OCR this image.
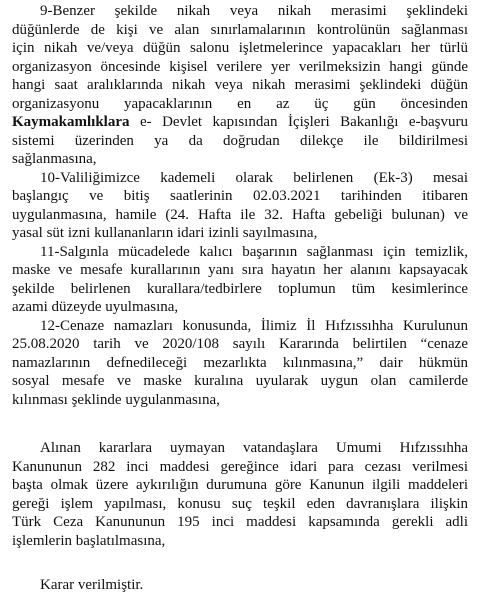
9-Benzer şekilde nikah veya nikah merasimi şeklindeki
düğünlerde de kişi ve alan sınırlamalarının kontrolünün sağlanması
için nikah ve/veya düğün salonu işletmelerince yapacakları her türlü
organizasyon öncesinde kişisel verilere yer verilmeksizin hangi günde
hangi saat aralıklarında nikah veya nikah merasimi şeklindeki düğün
organizasyonu yapacaklarının en az üç gün öncesinden
Kaymakamlıklara e- Devlet kapısından İçişleri Bakanlığı e-başvuru
sistemi üzerinden ya da doğrudan dilekçe ile bildirilmesi
sağlanmasına,
10-Valiliğimizce kademeli olarak belirlenen (Ek-3) mesai
başlangıç ve bitiş saatlerinin 02.03.2021 tarihinden itibaren
uygulanmasına, hamile (24. Hafta ile 32. Hafta gebeliği bulunan) ve
yasal süt izni kullananların idari izinli sayılmasına,
11-Salgınla mücadelede kalıcı başarının sağlanması için temizlik,
maske ve mesafe kurallarının yanı sıra hayatın her alanını kapsayacak
şekilde belirlenen kurallara/tedbirlere toplumun tüm kesimlerince
azami düzeyde uyulmasına,
12-Cenaze namazları konusunda, İlimiz İl Hıfzıssıhha Kurulunun
25.08.2020 tarih ve 2020/108 sayılı Kararında belirtilen “cenaze
namazlarının defnedileceği mezarlıkta kılınmasına,” dair hükmün
sosyal mesafe ve maske kuralına uyularak uygun olan camilerde
kılınması şeklinde uygulanmasına,
Alınan kararlara uymayan vatandaşlara Umumi Hıfzıssıhha
Kanununun 282 inci maddesi gereğince idari para cezası verilmesi
başta olmak üzere aykırılığın durumuna göre Kanunun ilgili maddeleri
gereği işlem yapılması, konusu suç teşkil eden davranışlara ilişkin
Türk Ceza Kanununun 195 inci maddesi kapsamında gerekli adli
işlemlerin başlatılmasına,
Karar verilmiştir.
